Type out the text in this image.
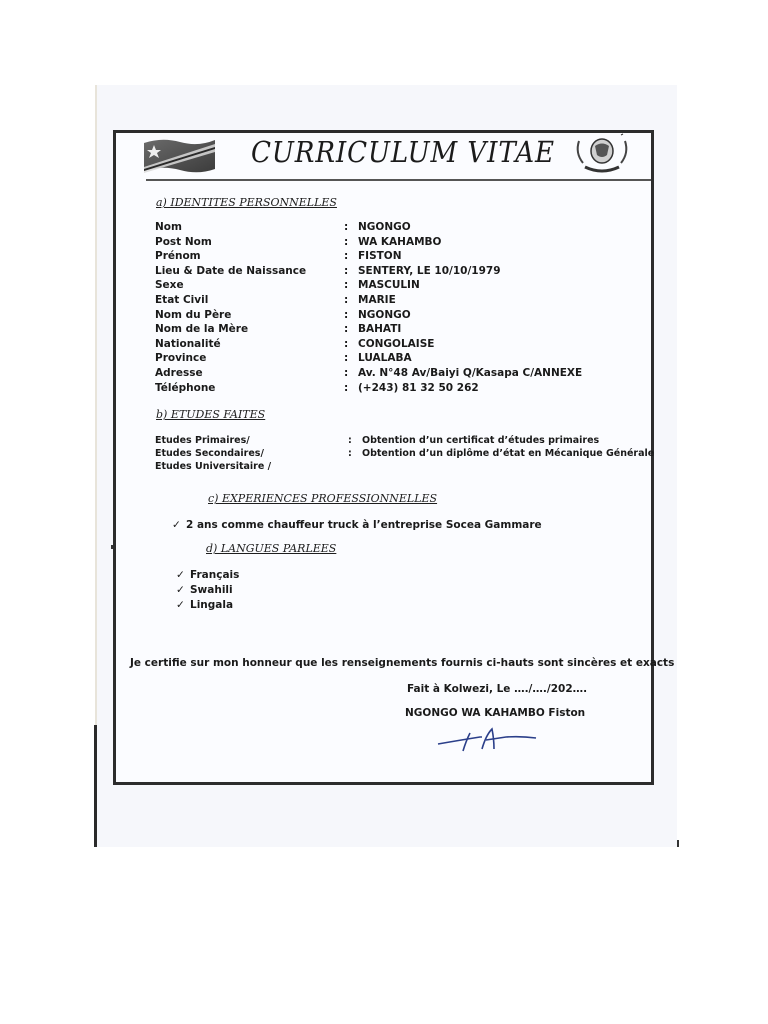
CURRICULUM VITAE
a) IDENTITES PERSONNELLES
Nom	: NGONGO
Post Nom	: WA KAHAMBO
Prénom	: FISTON
Lieu & Date de Naissance	: SENTERY, LE 10/10/1979
Sexe	: MASCULIN
Etat Civil	: MARIE
Nom du Père	: NGONGO
Nom de la Mère	: BAHATI
Nationalité	: CONGOLAISE
Province	: LUALABA
Adresse	: Av. N°48 Av/Baiyi Q/Kasapa C/ANNEXE
Téléphone	: (+243) 81 32 50 262
b) ETUDES FAITES
Etudes Primaires/	: Obtention d’un certificat d’études primaires
Etudes Secondaires/	: Obtention d’un diplôme d’état en Mécanique Générale
Etudes Universitaire /
c) EXPERIENCES PROFESSIONNELLES
✓ 2 ans comme chauffeur truck à l’entreprise Socea Gammare
d) LANGUES PARLEES
✓ Français
✓ Swahili
✓ Lingala
Je certifie sur mon honneur que les renseignements fournis ci-hauts sont sincères et exacts
Fait à Kolwezi, Le …./…./202….
NGONGO WA KAHAMBO Fiston
